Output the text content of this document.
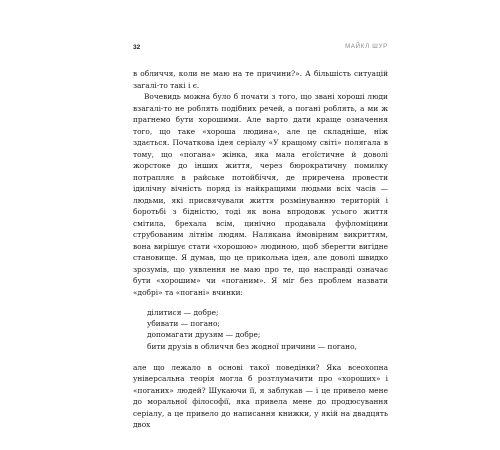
32	МАЙКЛ ШУР

в обличчя, коли не маю на те причини?». А більшість ситуацій загалі-то такі і є.

Вочевидь можна було б почати з того, що звані хороші люди взагалі-то не роблять подібних речей, а погані роблять, а ми ж прагнемо бути хорошими. Але варто дати краще означення того, що таке «хороша людина», але це складніше, ніж здається. Початкова ідея серіалу «У кращому світі» полягала в тому, що «погана» жінка, яка мала егоїстичне й доволі жорстоке до інших життя, через бюрократичну помилку потрапляє в райське потойбіччя, де приречена провести ідилічну вічність поряд із найкращими людьми всіх часів — людьми, які присвячували життя розмінуванню територій і боротьбі з бідністю, тоді як вона впродовж усього життя смітила, брехала всім, цинічно продавала фуфломіцини струбованим літнім людям. Налякана ймовірним викриттям, вона вирішує стати «хорошою» людиною, щоб зберегти вигідне становище. Я думав, що це прикольна ідея, але доволі швидко зрозумів, що уявлення не маю про те, що насправді означає бути «хорошим» чи «поганим». Я міг без проблем назвати «добрі» та «погані» вчинки:

ділитися — добре;
убивати — погано;
допомагати друзям — добре;
бити друзів в обличчя без жодної причини — погано,

але що лежало в основі такої поведінки? Яка всеохопна універсальна теорія могла б розтлумачити про «хороших» і «поганих» людей? Шукаючи її, я заблукав — і це привело мене до моральної філософії, яка привела мене до продюсування серіалу, а це привело до написання книжки, у якій на двадцять двох
